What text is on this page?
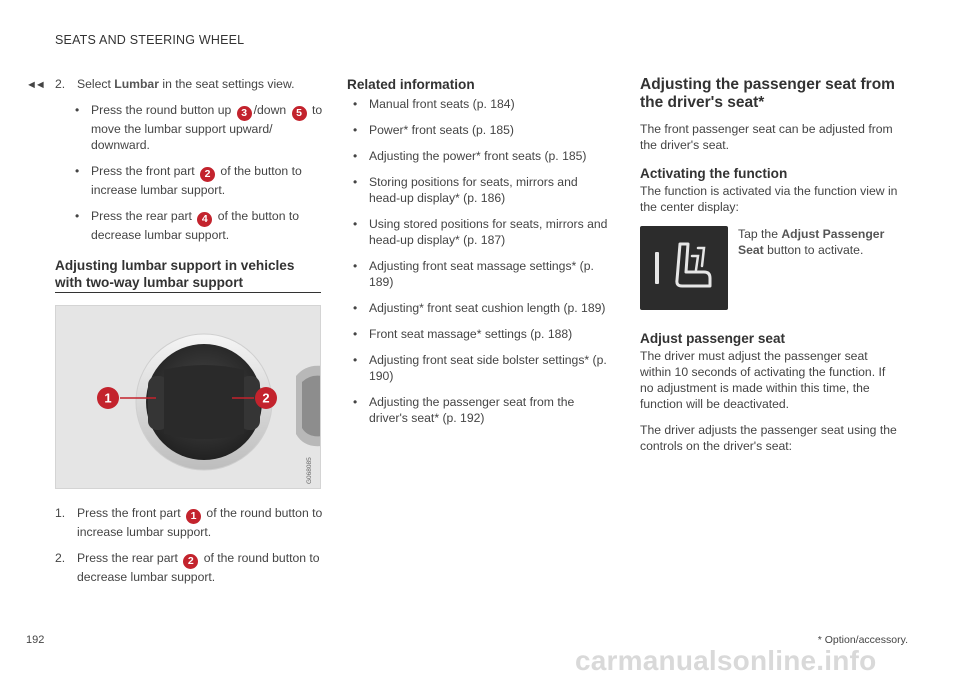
SEATS AND STEERING WHEEL
◄◄ 2. Select Lumbar in the seat settings view.
• Press the round button up 3 /down 5 to move the lumbar support upward/ downward.
• Press the front part 2 of the button to increase lumbar support.
• Press the rear part 4 of the button to decrease lumbar support.
Adjusting lumbar support in vehicles with two-way lumbar support
1	2
G068085
1. Press the front part 1 of the round button to increase lumbar support.
2. Press the rear part 2 of the round button to decrease lumbar support.
Related information
• Manual front seats (p. 184)
• Power* front seats (p. 185)
• Adjusting the power* front seats (p. 185)
• Storing positions for seats, mirrors and head-up display* (p. 186)
• Using stored positions for seats, mirrors and head-up display* (p. 187)
• Adjusting front seat massage settings* (p. 189)
• Adjusting* front seat cushion length (p. 189)
• Front seat massage* settings (p. 188)
• Adjusting front seat side bolster settings* (p. 190)
• Adjusting the passenger seat from the driver's seat* (p. 192)
Adjusting the passenger seat from the driver's seat*
The front passenger seat can be adjusted from the driver's seat.
Activating the function
The function is activated via the function view in the center display:
Tap the Adjust Passenger Seat button to activate.
Adjust passenger seat
The driver must adjust the passenger seat within 10 seconds of activating the function. If no adjustment is made within this time, the function will be deactivated.
The driver adjusts the passenger seat using the controls on the driver's seat:
192	* Option/accessory.
carmanualsonline.info
